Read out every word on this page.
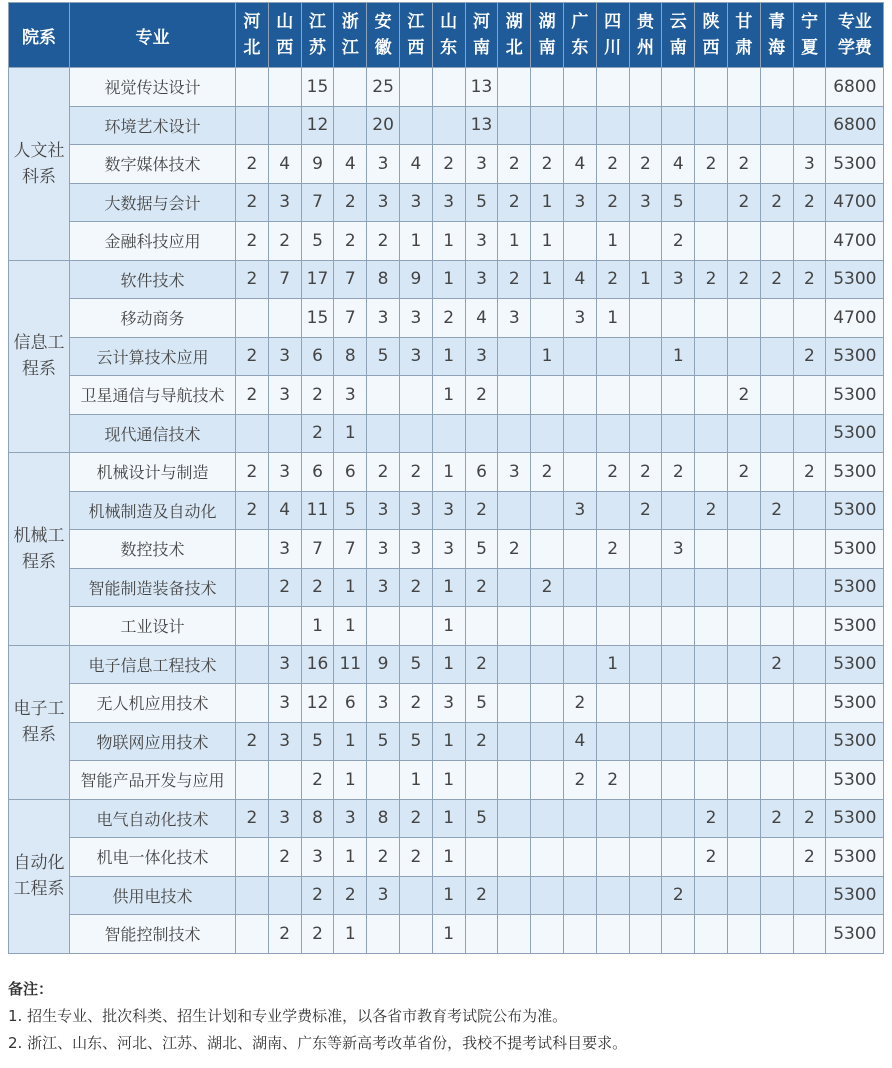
院系	专业	河北	山西	江苏	浙江	安徽	江西	山东	河南	湖北	湖南	广东	四川	贵州	云南	陕西	甘肃	青海	宁夏	专业学费
人文社科系	视觉传达设计			15		25			13											6800
	环境艺术设计			12		20			13											6800
	数字媒体技术	2	4	9	4	3	4	2	3	2	2	4	2	2	4	2	2		3	5300
	大数据与会计	2	3	7	2	3	3	3	5	2	1	3	2	3	5		2	2	2	4700
	金融科技应用	2	2	5	2	2	1	1	3	1	1		1		2					4700
信息工程系	软件技术	2	7	17	7	8	9	1	3	2	1	4	2	1	3	2	2	2	2	5300
	移动商务			15	7	3	3	2	4	3		3	1							4700
	云计算技术应用	2	3	6	8	5	3	1	3		1				1				2	5300
	卫星通信与导航技术	2	3	2	3			1	2								2			5300
	现代通信技术			2	1															5300
机械工程系	机械设计与制造	2	3	6	6	2	2	1	6	3	2		2	2	2		2		2	5300
	机械制造及自动化	2	4	11	5	3	3	3	2			3		2		2		2		5300
	数控技术		3	7	7	3	3	3	5	2			2		3					5300
	智能制造装备技术		2	2	1	3	2	1	2		2									5300
	工业设计			1	1			1												5300
电子工程系	电子信息工程技术		3	16	11	9	5	1	2				1					2		5300
	无人机应用技术		3	12	6	3	2	3	5			2								5300
	物联网应用技术	2	3	5	1	5	5	1	2			4								5300
	智能产品开发与应用			2	1		1	1				2	2							5300
自动化工程系	电气自动化技术	2	3	8	3	8	2	1	5							2		2	2	5300
	机电一体化技术		2	3	1	2	2	1								2			2	5300
	供用电技术			2	2	3		1	2						2					5300
	智能控制技术		2	2	1			1												5300
备注：
1. 招生专业、批次科类、招生计划和专业学费标准，以各省市教育考试院公布为准。
2. 浙江、山东、河北、江苏、湖北、湖南、广东等新高考改革省份，我校不提考试科目要求。
